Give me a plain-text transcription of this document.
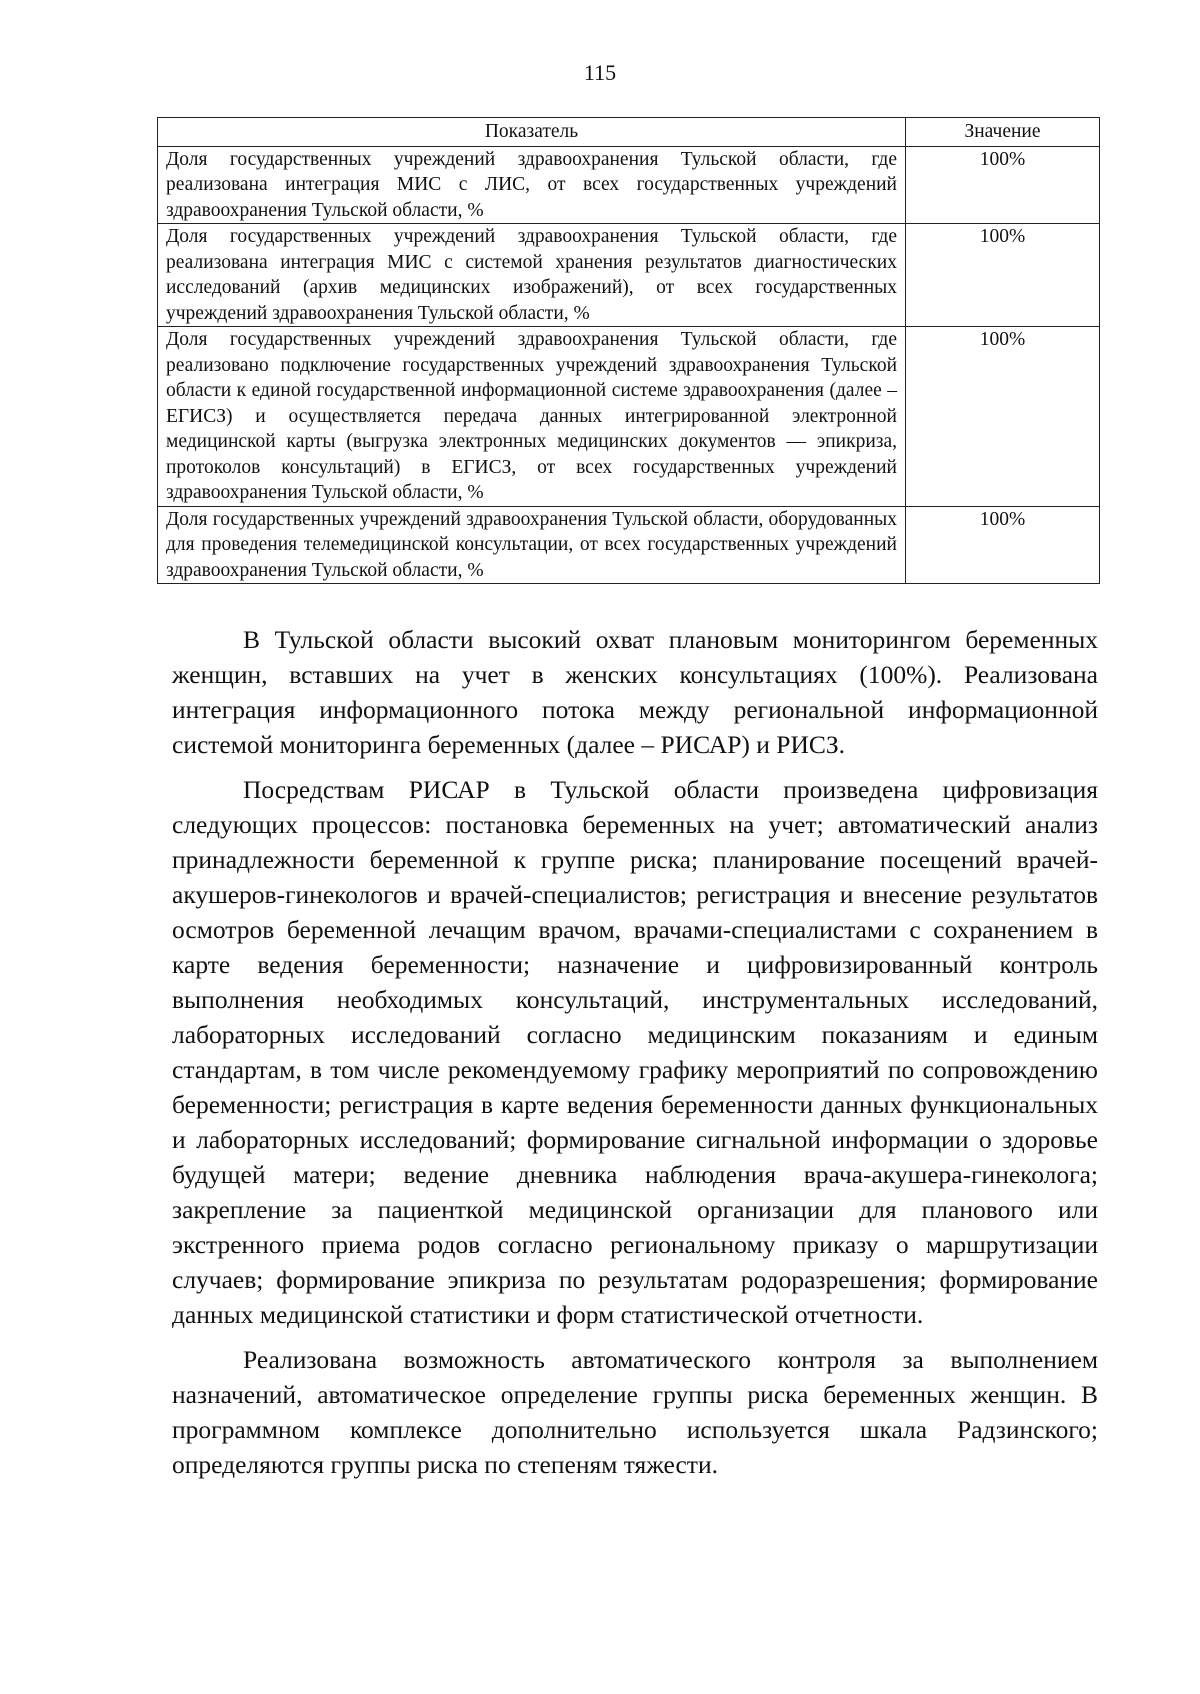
115
Показатель	Значение
Доля государственных учреждений здравоохранения Тульской области, где реализована интеграция МИС с ЛИС, от всех государственных учреждений здравоохранения Тульской области, %	100%
Доля государственных учреждений здравоохранения Тульской области, где реализована интеграция МИС с системой хранения результатов диагностических исследований (архив медицинских изображений), от всех государственных учреждений здравоохранения Тульской области, %	100%
Доля государственных учреждений здравоохранения Тульской области, где реализовано подключение государственных учреждений здравоохранения Тульской области к единой государственной информационной системе здравоохранения (далее – ЕГИСЗ) и осуществляется передача данных интегрированной электронной медицинской карты (выгрузка электронных медицинских документов — эпикриза, протоколов консультаций) в ЕГИСЗ, от всех государственных учреждений здравоохранения Тульской области, %	100%
Доля государственных учреждений здравоохранения Тульской области, оборудованных для проведения телемедицинской консультации, от всех государственных учреждений здравоохранения Тульской области, %	100%

В Тульской области высокий охват плановым мониторингом беременных женщин, вставших на учет в женских консультациях (100%). Реализована интеграция информационного потока между региональной информационной системой мониторинга беременных (далее – РИСАР) и РИСЗ.

Посредствам РИСАР в Тульской области произведена цифровизация следующих процессов: постановка беременных на учет; автоматический анализ принадлежности беременной к группе риска; планирование посещений врачей-акушеров-гинекологов и врачей-специалистов; регистрация и внесение результатов осмотров беременной лечащим врачом, врачами-специалистами с сохранением в карте ведения беременности; назначение и цифровизированный контроль выполнения необходимых консультаций, инструментальных исследований, лабораторных исследований согласно медицинским показаниям и единым стандартам, в том числе рекомендуемому графику мероприятий по сопровождению беременности; регистрация в карте ведения беременности данных функциональных и лабораторных исследований; формирование сигнальной информации о здоровье будущей матери; ведение дневника наблюдения врача-акушера-гинеколога; закрепление за пациенткой медицинской организации для планового или экстренного приема родов согласно региональному приказу о маршрутизации случаев; формирование эпикриза по результатам родоразрешения; формирование данных медицинской статистики и форм статистической отчетности.

Реализована возможность автоматического контроля за выполнением назначений, автоматическое определение группы риска беременных женщин. В программном комплексе дополнительно используется шкала Радзинского; определяются группы риска по степеням тяжести.
